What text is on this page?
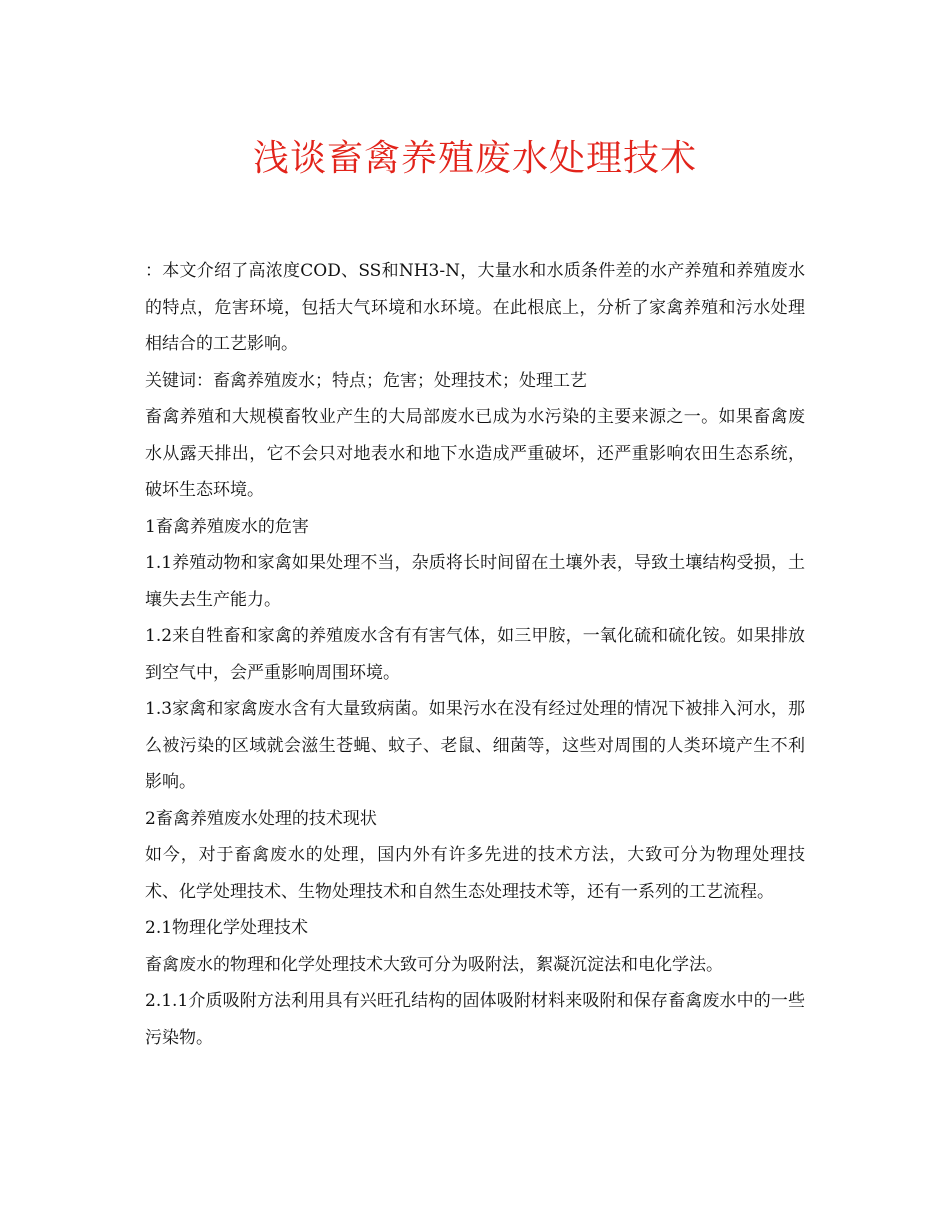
浅谈畜禽养殖废水处理技术

：本文介绍了高浓度COD、SS和NH3-N，大量水和水质条件差的水产养殖和养殖废水的特点，危害环境，包括大气环境和水环境。在此根底上，分析了家禽养殖和污水处理相结合的工艺影响。

关键词：畜禽养殖废水；特点；危害；处理技术；处理工艺

畜禽养殖和大规模畜牧业产生的大局部废水已成为水污染的主要来源之一。如果畜禽废水从露天排出，它不会只对地表水和地下水造成严重破坏，还严重影响农田生态系统，破坏生态环境。

1畜禽养殖废水的危害

1.1养殖动物和家禽如果处理不当，杂质将长时间留在土壤外表，导致土壤结构受损，土壤失去生产能力。

1.2来自牲畜和家禽的养殖废水含有有害气体，如三甲胺，一氧化硫和硫化铵。如果排放到空气中，会严重影响周围环境。

1.3家禽和家禽废水含有大量致病菌。如果污水在没有经过处理的情况下被排入河水，那么被污染的区域就会滋生苍蝇、蚊子、老鼠、细菌等，这些对周围的人类环境产生不利影响。

2畜禽养殖废水处理的技术现状

如今，对于畜禽废水的处理，国内外有许多先进的技术方法，大致可分为物理处理技术、化学处理技术、生物处理技术和自然生态处理技术等，还有一系列的工艺流程。

2.1物理化学处理技术

畜禽废水的物理和化学处理技术大致可分为吸附法，絮凝沉淀法和电化学法。

2.1.1介质吸附方法利用具有兴旺孔结构的固体吸附材料来吸附和保存畜禽废水中的一些污染物。
